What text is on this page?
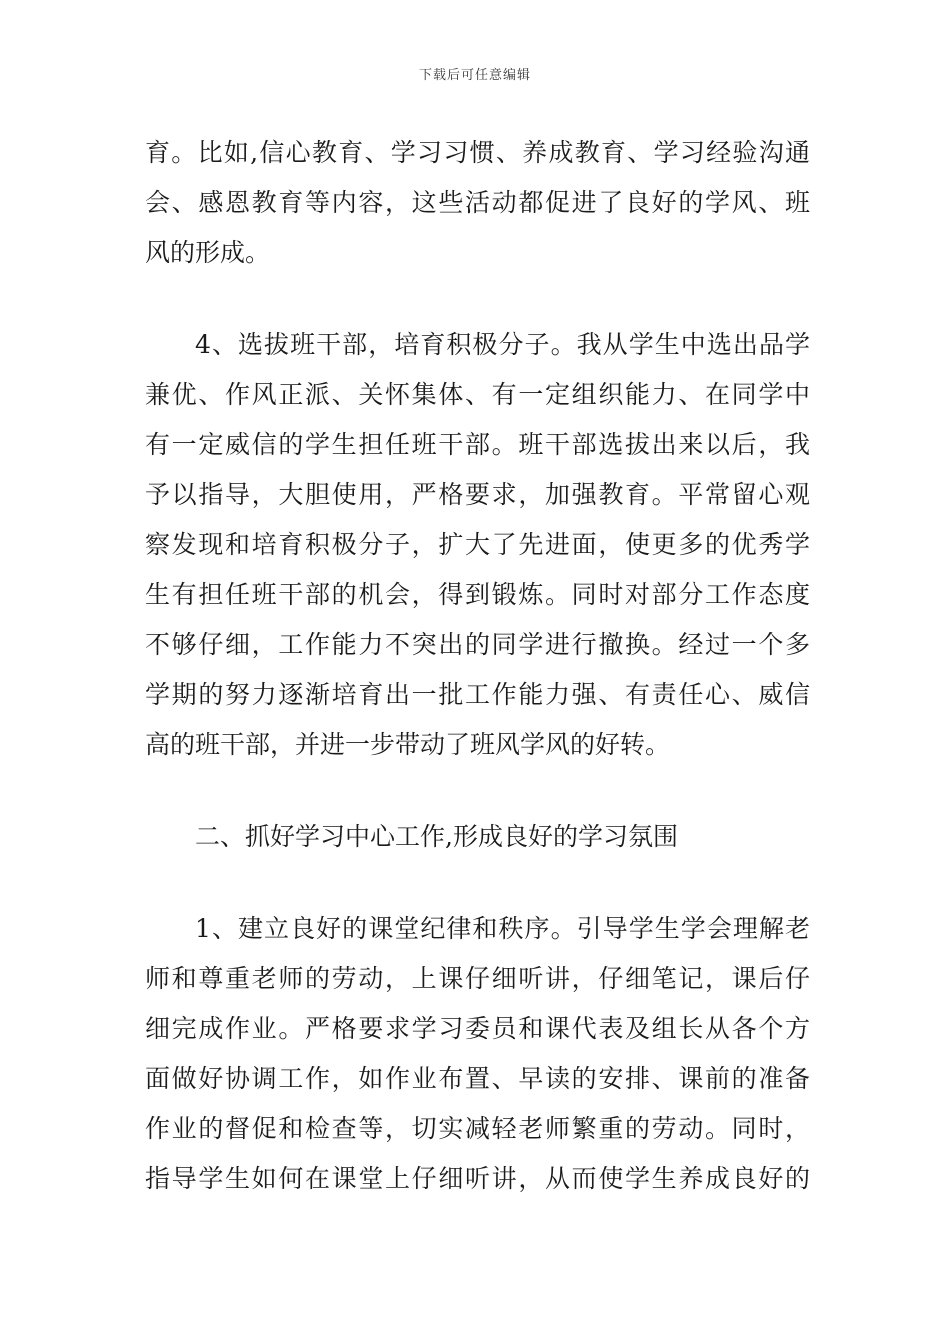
下载后可任意编辑
育。比如,信心教育、学习习惯、养成教育、学习经验沟通
会、感恩教育等内容，这些活动都促进了良好的学风、班
风的形成。
4、选拔班干部，培育积极分子。我从学生中选出品学
兼优、作风正派、关怀集体、有一定组织能力、在同学中
有一定威信的学生担任班干部。班干部选拔出来以后，我
予以指导，大胆使用，严格要求，加强教育。平常留心观
察发现和培育积极分子，扩大了先进面，使更多的优秀学
生有担任班干部的机会，得到锻炼。同时对部分工作态度
不够仔细，工作能力不突出的同学进行撤换。经过一个多
学期的努力逐渐培育出一批工作能力强、有责任心、威信
高的班干部，并进一步带动了班风学风的好转。
二、抓好学习中心工作,形成良好的学习氛围
1、建立良好的课堂纪律和秩序。引导学生学会理解老
师和尊重老师的劳动，上课仔细听讲，仔细笔记，课后仔
细完成作业。严格要求学习委员和课代表及组长从各个方
面做好协调工作，如作业布置、早读的安排、课前的准备
作业的督促和检查等，切实减轻老师繁重的劳动。同时，
指导学生如何在课堂上仔细听讲，从而使学生养成良好的
